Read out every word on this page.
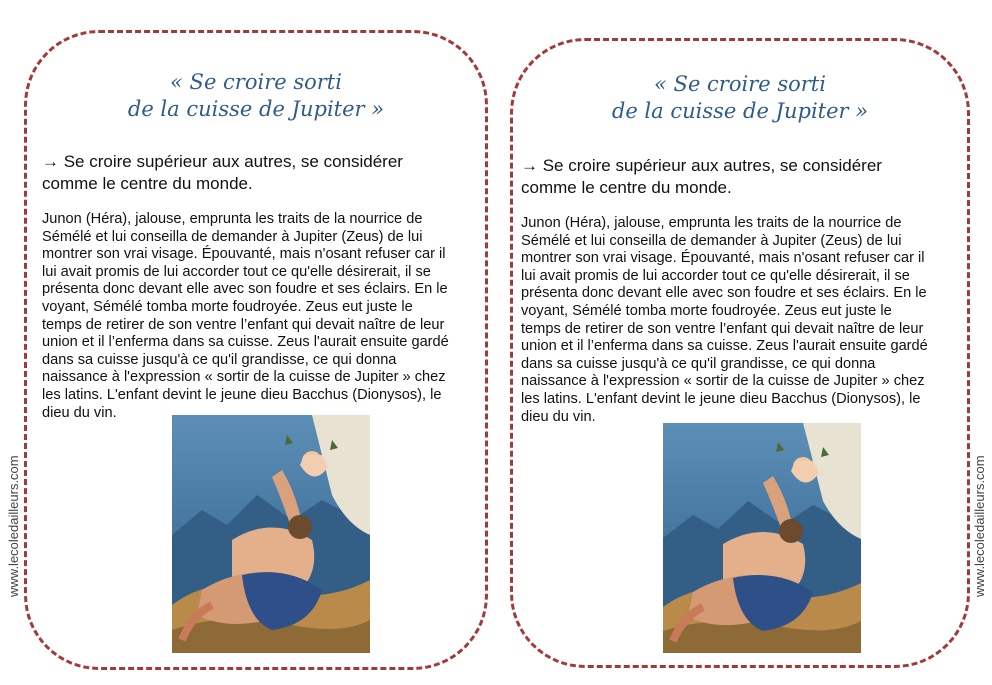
« Se croire sorti
de la cuisse de Jupiter »
→ Se croire supérieur aux autres, se considérer
comme le centre du monde.
Junon (Héra), jalouse, emprunta les traits de la nourrice de
Sémélé et lui conseilla de demander à Jupiter (Zeus) de lui
montrer son vrai visage. Épouvanté, mais n'osant refuser car il
lui avait promis de lui accorder tout ce qu'elle désirerait, il se
présenta donc devant elle avec son foudre et ses éclairs. En le
voyant, Sémélé tomba morte foudroyée. Zeus eut juste le
temps de retirer de son ventre l’enfant qui devait naître de leur
union et il l’enferma dans sa cuisse. Zeus l'aurait ensuite gardé
dans sa cuisse jusqu'à ce qu'il grandisse, ce qui donna
naissance à l'expression « sortir de la cuisse de Jupiter » chez
les latins. L'enfant devint le jeune dieu Bacchus (Dionysos), le
dieu du vin.
« Se croire sorti
de la cuisse de Jupiter »
→ Se croire supérieur aux autres, se considérer
comme le centre du monde.
Junon (Héra), jalouse, emprunta les traits de la nourrice de
Sémélé et lui conseilla de demander à Jupiter (Zeus) de lui
montrer son vrai visage. Épouvanté, mais n'osant refuser car il
lui avait promis de lui accorder tout ce qu'elle désirerait, il se
présenta donc devant elle avec son foudre et ses éclairs. En le
voyant, Sémélé tomba morte foudroyée. Zeus eut juste le
temps de retirer de son ventre l’enfant qui devait naître de leur
union et il l’enferma dans sa cuisse. Zeus l'aurait ensuite gardé
dans sa cuisse jusqu'à ce qu'il grandisse, ce qui donna
naissance à l'expression « sortir de la cuisse de Jupiter » chez
les latins. L'enfant devint le jeune dieu Bacchus (Dionysos), le
dieu du vin.
www.lecoledailleurs.com	www.lecoledailleurs.com
